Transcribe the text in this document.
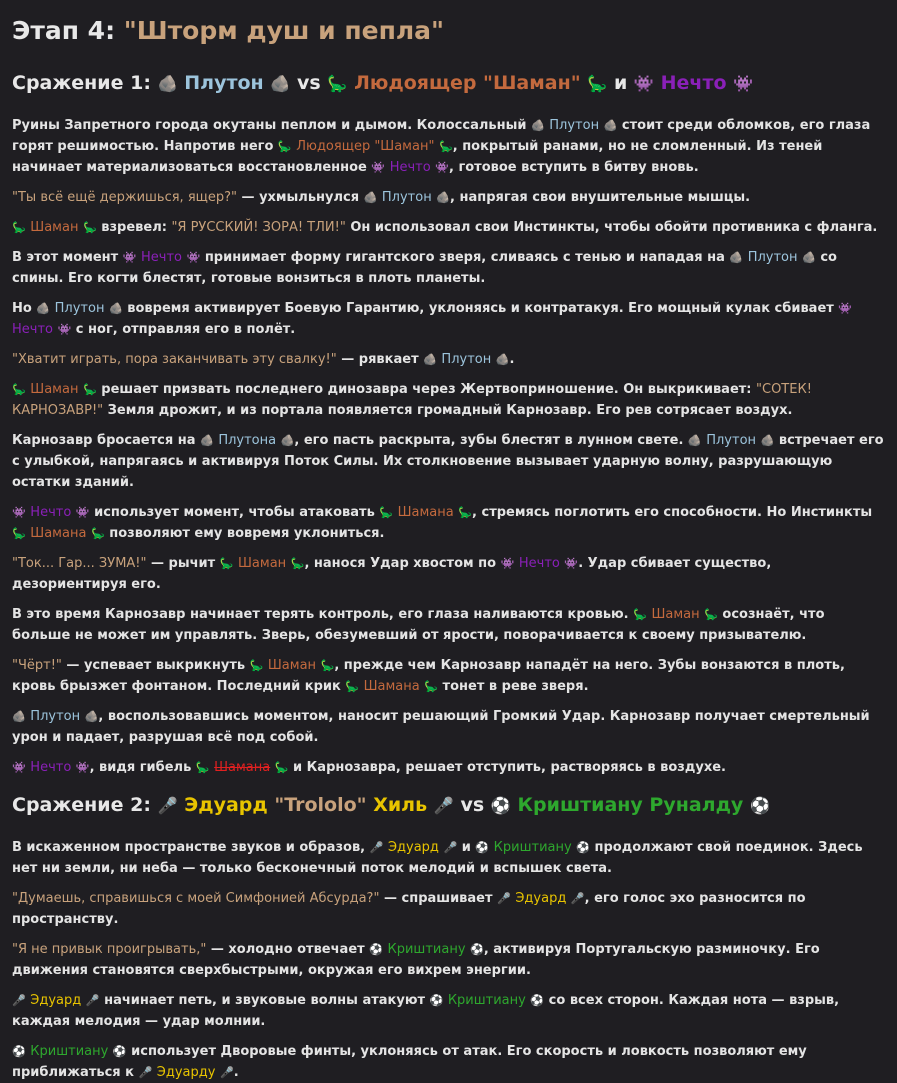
Этап 4: "Шторм душ и пепла"
Сражение 1: 🪨 Плутон 🪨 vs 🦕 Людоящер "Шаман" 🦕 и 👾 Нечто 👾

Руины Запретного города окутаны пеплом и дымом. Колоссальный 🪨 Плутон 🪨 стоит среди обломков, его глаза горят решимостью. Напротив него 🦕 Людоящер "Шаман" 🦕, покрытый ранами, но не сломленный. Из теней начинает материализоваться восстановленное 👾 Нечто 👾, готовое вступить в битву вновь.

"Ты всё ещё держишься, ящер?" — ухмыльнулся 🪨 Плутон 🪨, напрягая свои внушительные мышцы.

🦕 Шаман 🦕 взревел: "Я РУССКИЙ! ЗОРА! ТЛИ!" Он использовал свои Инстинкты, чтобы обойти противника с фланга.

В этот момент 👾 Нечто 👾 принимает форму гигантского зверя, сливаясь с тенью и нападая на 🪨 Плутон 🪨 со спины. Его когти блестят, готовые вонзиться в плоть планеты.

Но 🪨 Плутон 🪨 вовремя активирует Боевую Гарантию, уклоняясь и контратакуя. Его мощный кулак сбивает 👾 Нечто 👾 с ног, отправляя его в полёт.

"Хватит играть, пора заканчивать эту свалку!" — рявкает 🪨 Плутон 🪨.

🦕 Шаман 🦕 решает призвать последнего динозавра через Жертвоприношение. Он выкрикивает: "СОТЕК! КАРНОЗАВР!" Земля дрожит, и из портала появляется громадный Карнозавр. Его рев сотрясает воздух.

Карнозавр бросается на 🪨 Плутона 🪨, его пасть раскрыта, зубы блестят в лунном свете. 🪨 Плутон 🪨 встречает его с улыбкой, напрягаясь и активируя Поток Силы. Их столкновение вызывает ударную волну, разрушающую остатки зданий.

👾 Нечто 👾 использует момент, чтобы атаковать 🦕 Шамана 🦕, стремясь поглотить его способности. Но Инстинкты 🦕 Шамана 🦕 позволяют ему вовремя уклониться.

"Ток... Гар... ЗУМА!" — рычит 🦕 Шаман 🦕, нанося Удар хвостом по 👾 Нечто 👾. Удар сбивает существо, дезориентируя его.

В это время Карнозавр начинает терять контроль, его глаза наливаются кровью. 🦕 Шаман 🦕 осознаёт, что больше не может им управлять. Зверь, обезумевший от ярости, поворачивается к своему призывателю.

"Чёрт!" — успевает выкрикнуть 🦕 Шаман 🦕, прежде чем Карнозавр нападёт на него. Зубы вонзаются в плоть, кровь брызжет фонтаном. Последний крик 🦕 Шамана 🦕 тонет в реве зверя.

🪨 Плутон 🪨, воспользовавшись моментом, наносит решающий Громкий Удар. Карнозавр получает смертельный урон и падает, разрушая всё под собой.

👾 Нечто 👾, видя гибель 🦕 Шамана 🦕 и Карнозавра, решает отступить, растворяясь в воздухе.

Сражение 2: 🎤 Эдуард "Trololo" Хиль 🎤 vs ⚽ Криштиану Руналду ⚽

В искаженном пространстве звуков и образов, 🎤 Эдуард 🎤 и ⚽ Криштиану ⚽ продолжают свой поединок. Здесь нет ни земли, ни неба — только бесконечный поток мелодий и вспышек света.

"Думаешь, справишься с моей Симфонией Абсурда?" — спрашивает 🎤 Эдуард 🎤, его голос эхо разносится по пространству.

"Я не привык проигрывать," — холодно отвечает ⚽ Криштиану ⚽, активируя Португальскую разминочку. Его движения становятся сверхбыстрыми, окружая его вихрем энергии.

🎤 Эдуард 🎤 начинает петь, и звуковые волны атакуют ⚽ Криштиану ⚽ со всех сторон. Каждая нота — взрыв, каждая мелодия — удар молнии.

⚽ Криштиану ⚽ использует Дворовые финты, уклоняясь от атак. Его скорость и ловкость позволяют ему приближаться к 🎤 Эдуарду 🎤.
